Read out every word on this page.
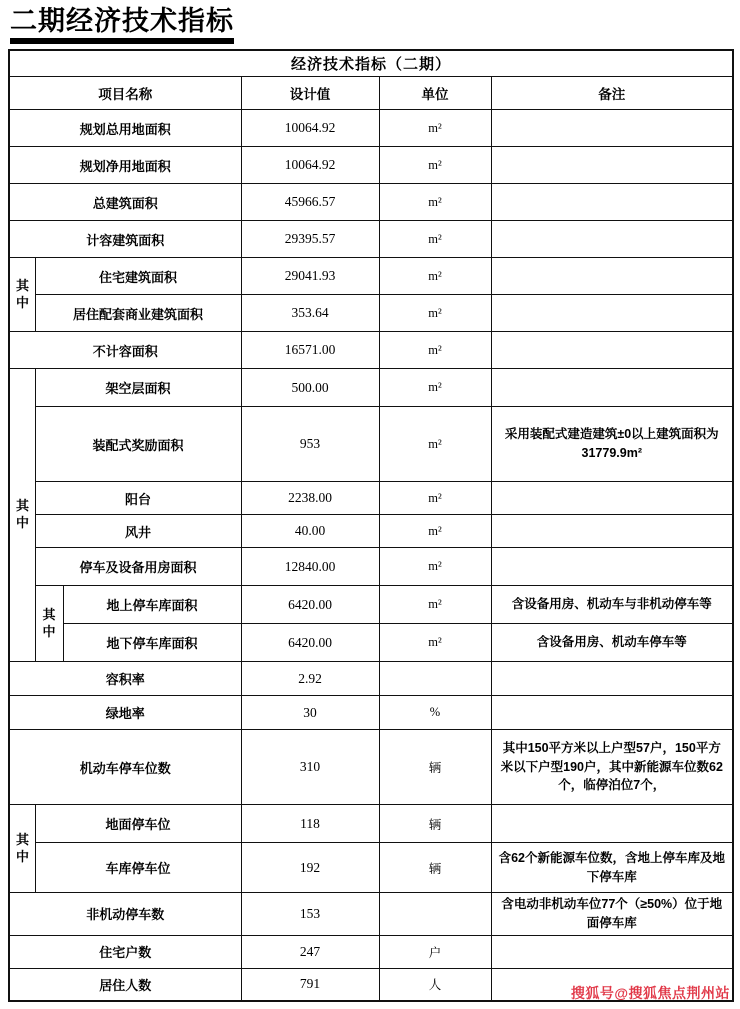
二期经济技术指标
经济技术指标（二期）					
项目名称			设计值	单位	备注
规划总用地面积			10064.92	m²	
规划净用地面积			10064.92	m²	
总建筑面积			45966.57	m²	
计容建筑面积			29395.57	m²	
其中	住宅建筑面积		29041.93	m²	
	居住配套商业建筑面积		353.64	m²	
不计容面积			16571.00	m²	
其中	架空层面积		500.00	m²	
	装配式奖励面积		953	m²	采用装配式建造建筑±0以上建筑面积为31779.9m²
	阳台		2238.00	m²	
	风井		40.00	m²	
	停车及设备用房面积		12840.00	m²	
	其中	地上停车库面积	6420.00	m²	含设备用房、机动车与非机动停车等
		地下停车库面积	6420.00	m²	含设备用房、机动车停车等
容积率			2.92		
绿地率			30	%	
机动车停车位数			310	辆	其中150平方米以上户型57户，150平方米以下户型190户，其中新能源车位数62个，临停泊位7个，
其中	地面停车位		118	辆	
	车库停车位		192	辆	含62个新能源车位数，含地上停车库及地下停车库
非机动停车数			153		含电动非机动车位77个（≥50%）位于地面停车库
住宅户数			247	户	
居住人数			791	人		搜狐号@搜狐焦点荆州站
